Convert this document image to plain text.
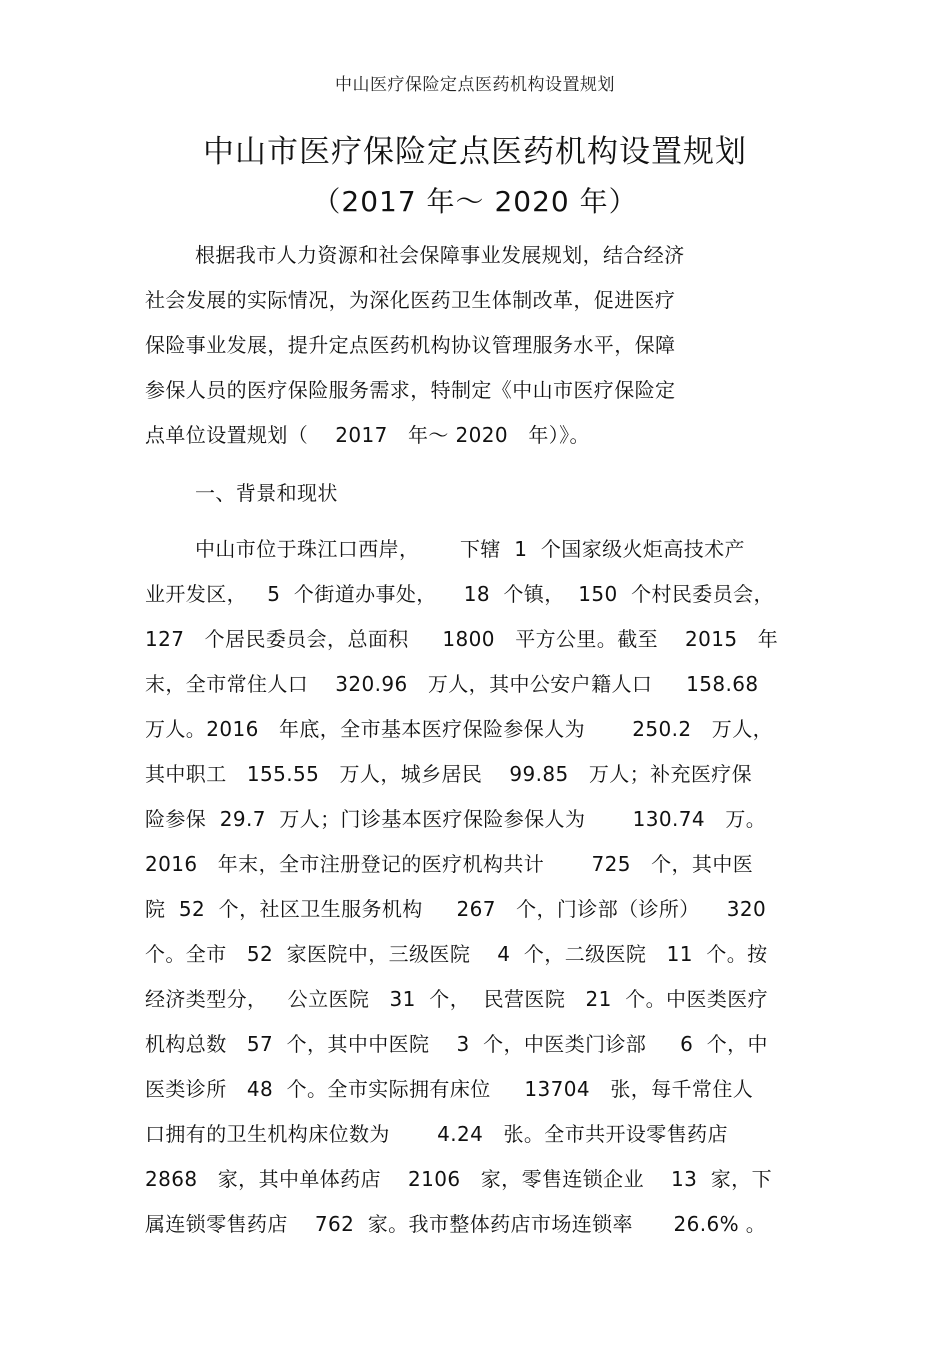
中山医疗保险定点医药机构设置规划
中山市医疗保险定点医药机构设置规划
（2017 年～ 2020 年）
根据我市人力资源和社会保障事业发展规划，结合经济
社会发展的实际情况，为深化医药卫生体制改革，促进医疗
保险事业发展，提升定点医药机构协议管理服务水平，保障
参保人员的医疗保险服务需求，特制定《中山市医疗保险定
点单位设置规划（    2017   年～ 2020   年）》。
一、背景和现状
中山市位于珠江口西岸，      下辖  1  个国家级火炬高技术产
业开发区，   5  个街道办事处，    18  个镇，  150  个村民委员会，
127   个居民委员会，总面积     1800   平方公里。截至    2015   年
末，全市常住人口    320.96   万人，其中公安户籍人口     158.68
万人。2016   年底，全市基本医疗保险参保人为       250.2   万人，
其中职工   155.55   万人，城乡居民    99.85   万人；补充医疗保
险参保  29.7  万人；门诊基本医疗保险参保人为       130.74   万。
2016   年末，全市注册登记的医疗机构共计       725   个，其中医
院  52  个，社区卫生服务机构     267   个，门诊部（诊所）    320
个。全市   52  家医院中，三级医院    4  个，二级医院   11  个。按
经济类型分，   公立医院   31  个，  民营医院   21  个。中医类医疗
机构总数   57  个，其中中医院    3  个，中医类门诊部     6  个，中
医类诊所   48  个。全市实际拥有床位     13704   张，每千常住人
口拥有的卫生机构床位数为       4.24   张。全市共开设零售药店
2868   家，其中单体药店    2106   家，零售连锁企业    13  家，下
属连锁零售药店    762  家。我市整体药店市场连锁率      26.6% 。
